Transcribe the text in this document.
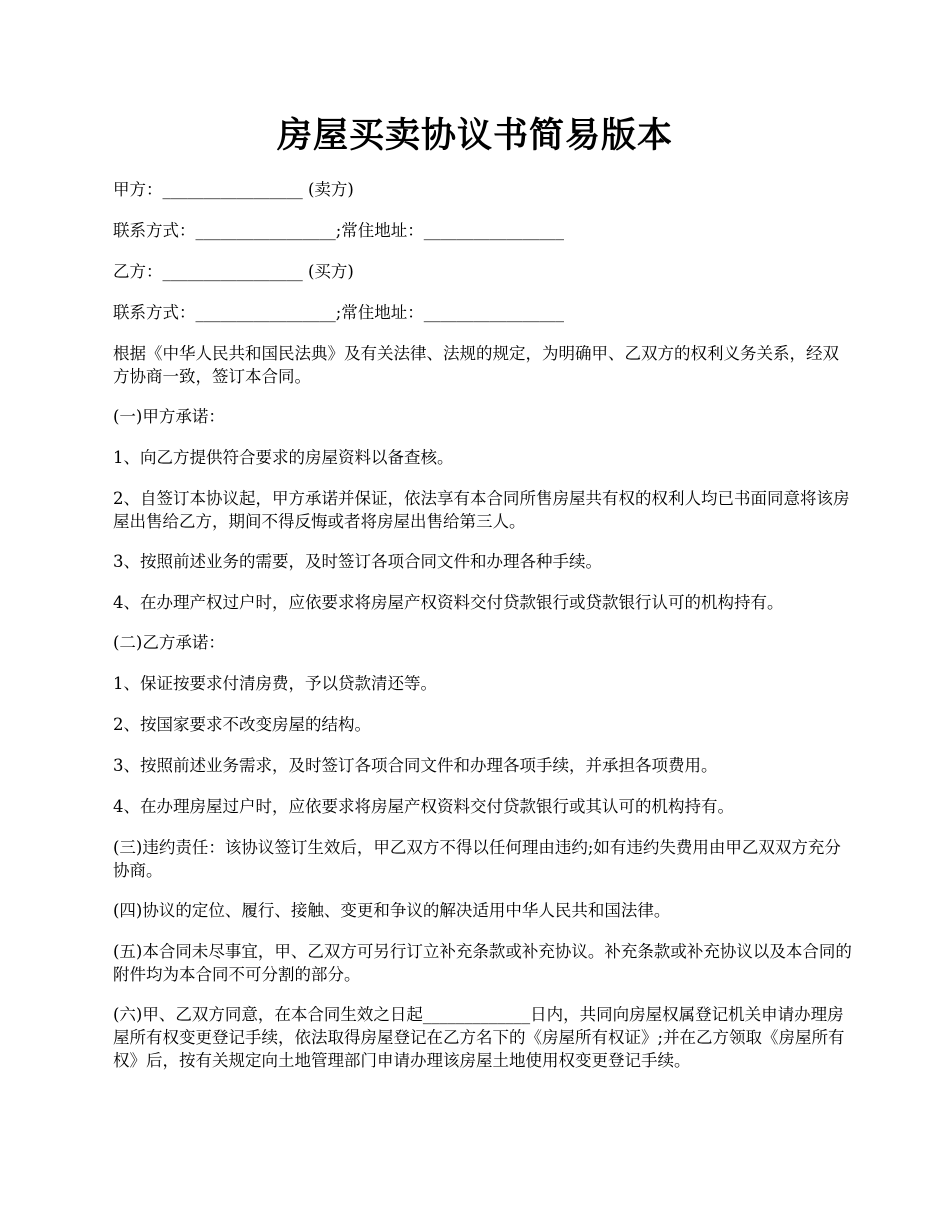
房屋买卖协议书简易版本

甲方：_________________ (卖方)

联系方式：_________________;常住地址：_________________

乙方：_________________ (买方)

联系方式：_________________;常住地址：_________________

根据《中华人民共和国民法典》及有关法律、法规的规定，为明确甲、乙双方的权利义务关系，经双方协商一致，签订本合同。

(一)甲方承诺：

1、向乙方提供符合要求的房屋资料以备查核。

2、自签订本协议起，甲方承诺并保证，依法享有本合同所售房屋共有权的权利人均已书面同意将该房屋出售给乙方，期间不得反悔或者将房屋出售给第三人。

3、按照前述业务的需要，及时签订各项合同文件和办理各种手续。

4、在办理产权过户时，应依要求将房屋产权资料交付贷款银行或贷款银行认可的机构持有。

(二)乙方承诺：

1、保证按要求付清房费，予以贷款清还等。

2、按国家要求不改变房屋的结构。

3、按照前述业务需求，及时签订各项合同文件和办理各项手续，并承担各项费用。

4、在办理房屋过户时，应依要求将房屋产权资料交付贷款银行或其认可的机构持有。

(三)违约责任：该协议签订生效后，甲乙双方不得以任何理由违约;如有违约失费用由甲乙双双方充分协商。

(四)协议的定位、履行、接触、变更和争议的解决适用中华人民共和国法律。

(五)本合同未尽事宜，甲、乙双方可另行订立补充条款或补充协议。补充条款或补充协议以及本合同的附件均为本合同不可分割的部分。

(六)甲、乙双方同意，在本合同生效之日起_____________日内，共同向房屋权属登记机关申请办理房屋所有权变更登记手续，依法取得房屋登记在乙方名下的《房屋所有权证》;并在乙方领取《房屋所有权》后，按有关规定向土地管理部门申请办理该房屋土地使用权变更登记手续。
